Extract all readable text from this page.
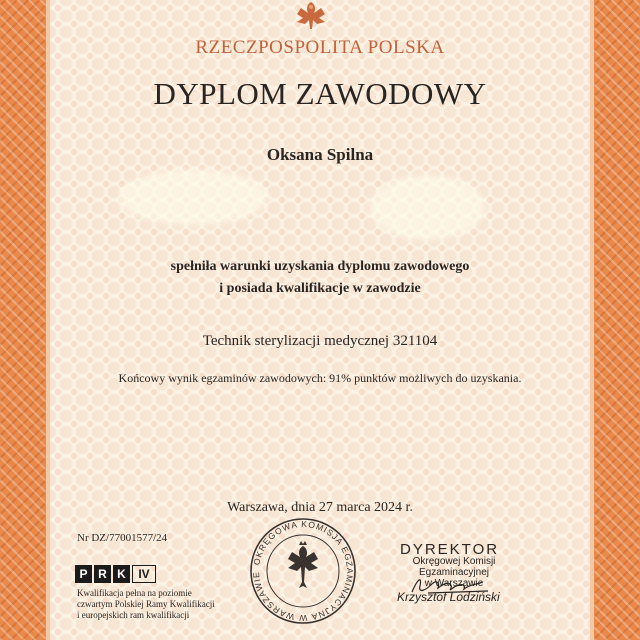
RZECZPOSPOLITA POLSKA
DYPLOM ZAWODOWY
Oksana Spilna
spełniła warunki uzyskania dyplomu zawodowego
i posiada kwalifikacje w zawodzie
Technik sterylizacji medycznej 321104
Końcowy wynik egzaminów zawodowych: 91% punktów możliwych do uzyskania.
Warszawa, dnia 27 marca 2024 r.
Nr DZ/77001577/24
P R K	IV
Kwalifikacja pełna na poziomie
czwartym Polskiej Ramy Kwalifikacji
i europejskich ram kwalifikacji
OKRĘGOWA KOMISJA EGZAMINACYJNA W WARSZAWIE
DYREKTOR
Okręgowej Komisji Egzaminacyjnej
w Warszawie
Krzysztof Lodziński
